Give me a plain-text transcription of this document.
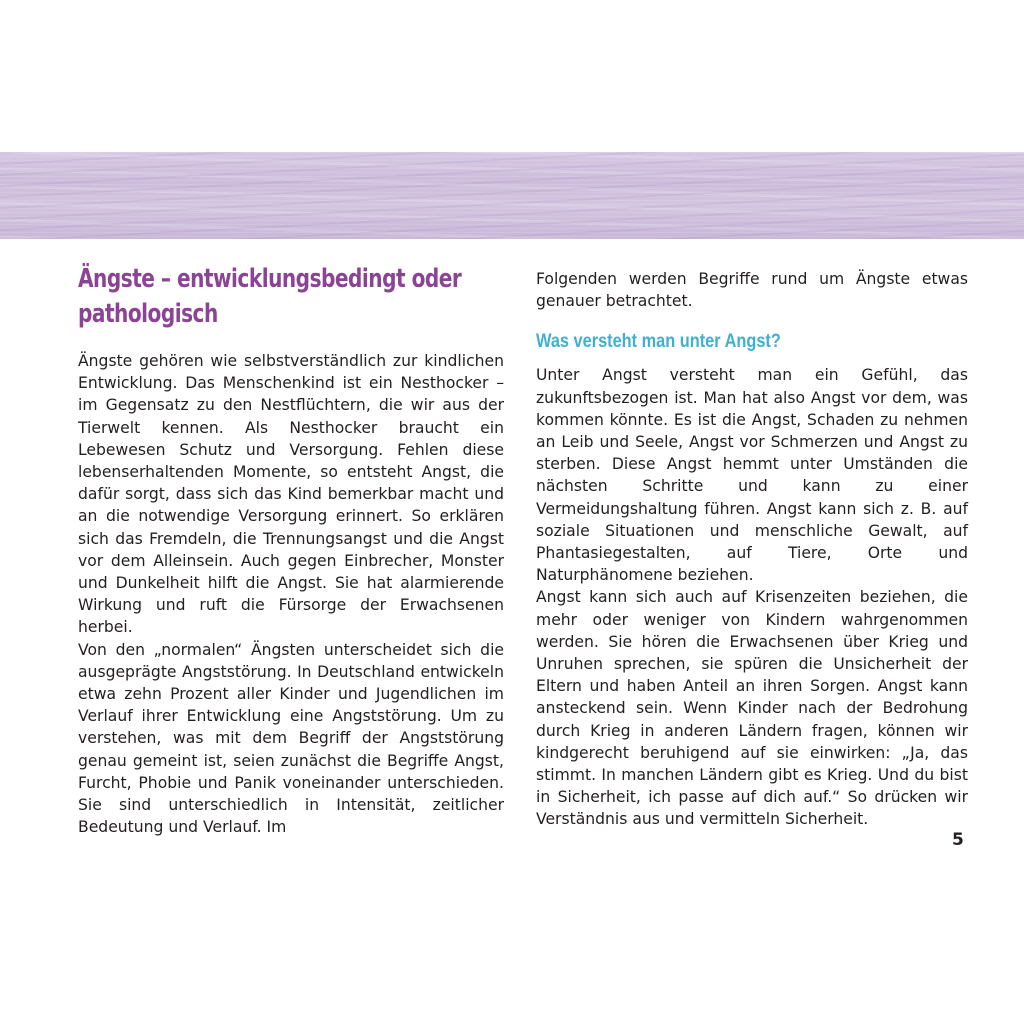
Ängste – entwicklungsbedingt oder pathologisch

Ängste gehören wie selbstverständlich zur kindlichen Entwicklung. Das Menschenkind ist ein Nesthocker – im Gegensatz zu den Nestflüchtern, die wir aus der Tierwelt kennen. Als Nesthocker braucht ein Lebewesen Schutz und Versorgung. Fehlen diese lebenserhaltenden Momente, so entsteht Angst, die dafür sorgt, dass sich das Kind bemerkbar macht und an die notwendige Versorgung erinnert. So erklären sich das Fremdeln, die Trennungsangst und die Angst vor dem Alleinsein. Auch gegen Einbrecher, Monster und Dunkelheit hilft die Angst. Sie hat alarmierende Wirkung und ruft die Fürsorge der Erwachsenen herbei.

Von den „normalen“ Ängsten unterscheidet sich die ausgeprägte Angststörung. In Deutschland entwickeln etwa zehn Prozent aller Kinder und Jugendlichen im Verlauf ihrer Entwicklung eine Angststörung. Um zu verstehen, was mit dem Begriff der Angststörung genau gemeint ist, seien zunächst die Begriffe Angst, Furcht, Phobie und Panik voneinander unterschieden. Sie sind unterschiedlich in Intensität, zeitlicher Bedeutung und Verlauf. Im

Folgenden werden Begriffe rund um Ängste etwas genauer betrachtet.

Was versteht man unter Angst?

Unter Angst versteht man ein Gefühl, das zukunftsbezogen ist. Man hat also Angst vor dem, was kommen könnte. Es ist die Angst, Schaden zu nehmen an Leib und Seele, Angst vor Schmerzen und Angst zu sterben. Diese Angst hemmt unter Umständen die nächsten Schritte und kann zu einer Vermeidungshaltung führen. Angst kann sich z. B. auf soziale Situationen und menschliche Gewalt, auf Phantasiegestalten, auf Tiere, Orte und Naturphänomene beziehen.

Angst kann sich auch auf Krisenzeiten beziehen, die mehr oder weniger von Kindern wahrgenommen werden. Sie hören die Erwachsenen über Krieg und Unruhen sprechen, sie spüren die Unsicherheit der Eltern und haben Anteil an ihren Sorgen. Angst kann ansteckend sein. Wenn Kinder nach der Bedrohung durch Krieg in anderen Ländern fragen, können wir kindgerecht beruhigend auf sie einwirken: „Ja, das stimmt. In manchen Ländern gibt es Krieg. Und du bist in Sicherheit, ich passe auf dich auf.“ So drücken wir Verständnis aus und vermitteln Sicherheit.

5
